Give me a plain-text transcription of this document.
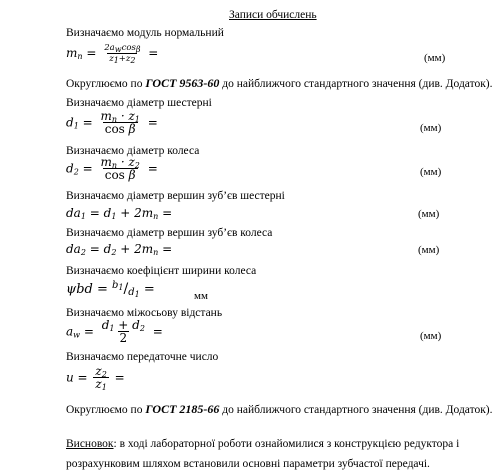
Записи обчислень
Визначаємо модуль нормальний
$m_n = \frac{2a_w\cos_\beta}{z_1+z_2}$ =	(мм)
Округлюємо по ГОСТ 9563-60 до найближчого стандартного значення (див. Додаток).
Визначаємо діаметр шестерні
$d_1 = \frac{m_n \cdot z_1}{\text{cos β}}$ =	(мм)
Визначаємо діаметр колеса
$d_2 = \frac{m_n \cdot z_2}{\text{cos β}}$ =	(мм)
Визначаємо діаметр вершин зуб’єв шестерні
$da_1 = d_1 + 2m_n$ =	(мм)
Визначаємо діаметр вершин зуб’єв колеса
$da_2 = d_2 + 2m_n$ =	(мм)
Визначаємо коефіцієнт ширини колеса
$\psi bd = ^{b_1}/_{d_1}$ =	мм
Визначаємо міжосьову відстань
$a_w = \frac{d_1 + d_2}{2}$ =	(мм)
Визначаємо передаточне число
$u = \frac{z_2}{z_1}$ =
Округлюємо по ГОСТ 2185-66 до найближчого стандартного значення (див. Додаток).
Висновок: в ході лабораторної роботи ознайомилися з конструкцією редуктора і
розрахунковим шляхом встановили основні параметри зубчастої передачі.
